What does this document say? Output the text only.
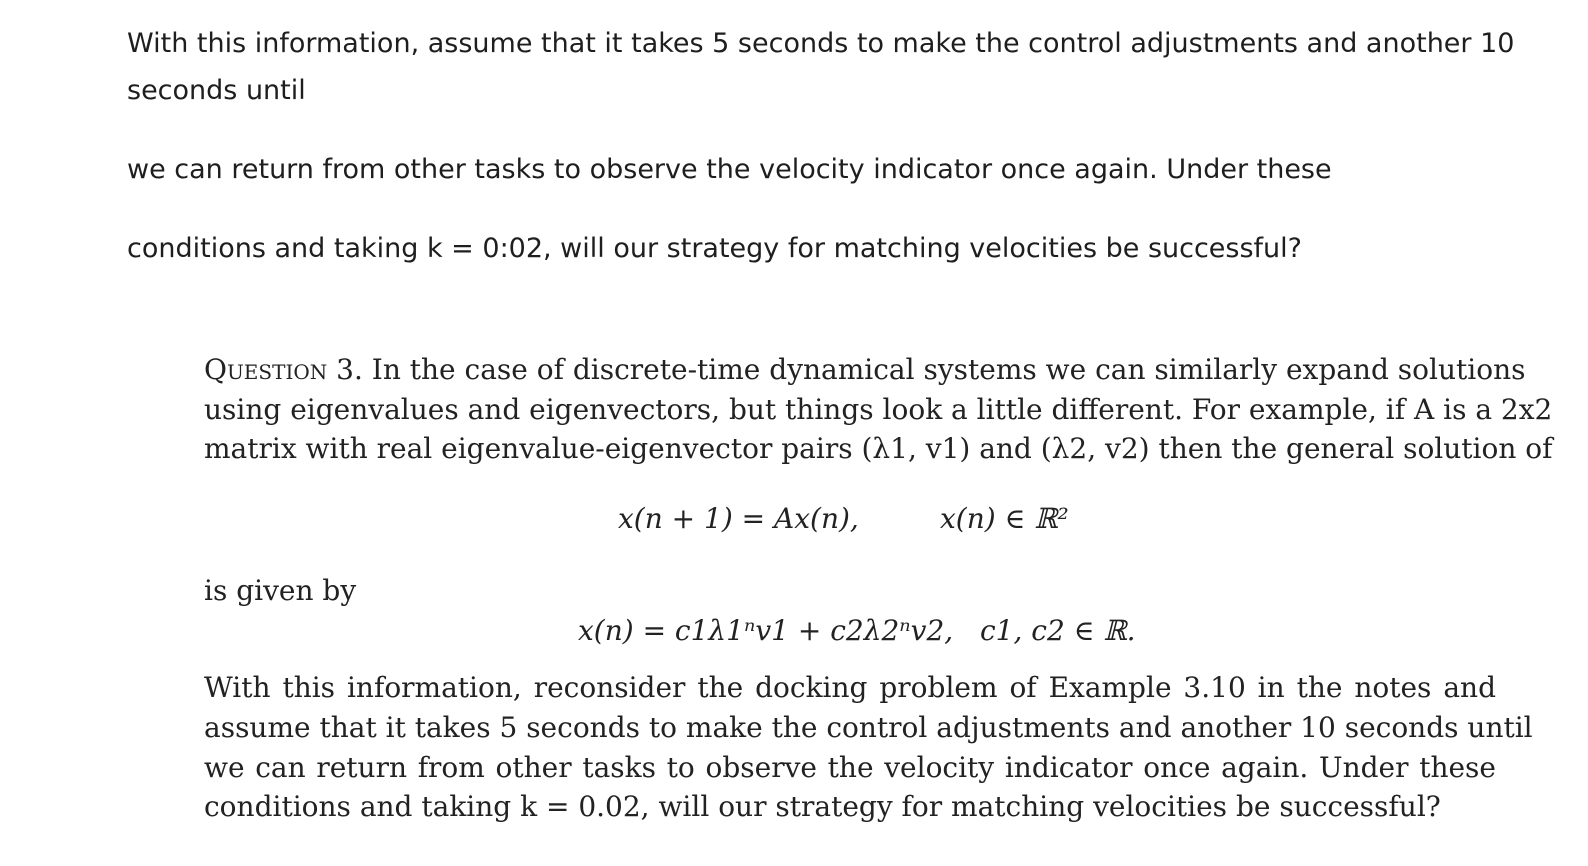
With this information, assume that it takes 5 seconds to make the control adjustments and another 10
seconds until
we can return from other tasks to observe the velocity indicator once again. Under these
conditions and taking k = 0:02, will our strategy for matching velocities be successful?
Question 3. In the case of discrete-time dynamical systems we can similarly expand solutions
using eigenvalues and eigenvectors, but things look a little different. For example, if A is a 2x2
matrix with real eigenvalue-eigenvector pairs (λ1, v1) and (λ2, v2) then the general solution of
x(n + 1) = Ax(n),	x(n) ∈ ℝ²
is given by
x(n) = c1λ1ⁿv1 + c2λ2ⁿv2, c1, c2 ∈ ℝ.
With this information, reconsider the docking problem of Example 3.10 in the notes and
assume that it takes 5 seconds to make the control adjustments and another 10 seconds until
we can return from other tasks to observe the velocity indicator once again. Under these
conditions and taking k = 0.02, will our strategy for matching velocities be successful?
